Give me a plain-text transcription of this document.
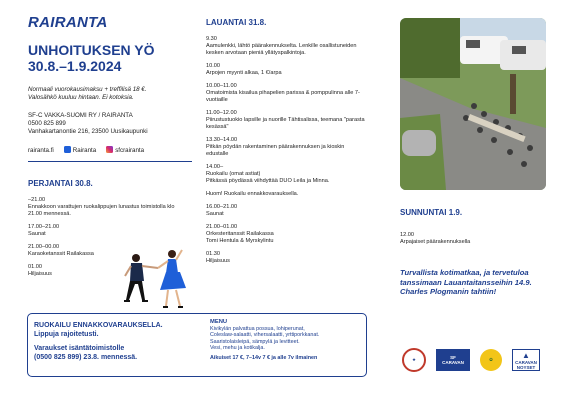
RAIRANTA
UNHOITUKSEN YÖ
30.8.–1.9.2024
Normaali vuorokausimaksu + treffilisä 18 €.
Valosähkö kuuluu hintaan. Ei kotoksia.
SF-C VAKKA-SUOMI RY / RAIRANTA
0500 825 899
Vanhakartanontie 216, 23500 Uusikaupunki
rairanta.fi	Rairanta	sfcrairanta
PERJANTAI 30.8.
–21.00
Ennakkoon varattujen ruokalippujen lunastus toimistolla klo 21.00 mennessä.
17.00–21.00
Saunat
21.00–00.00
Karaoketanssit Railakassa
01.00
Hiljaisuus
RUOKAILU ENNAKKOVARAUKSELLA.
Lippuja rajoitetusti.
Varaukset isäntätoimistolle
(0500 825 899) 23.8. mennessä.
MENU
Kivikylän palvattua possua, lohiperunat,
Coleslaw-salaatti, vihersalaatti, yrttiporkkanat.
Saaristolaisleipä, sämpylä ja levitteet.
Vesi, mehu ja kotikalja.
Aikuiset 17 €, 7–14v 7 € ja alle 7v ilmainen
LAUANTAI 31.8.
9.30
Aamulenkki, lähtö päärakennukselta. Lenkille osallistuneiden kesken arvotaan pieniä yllätyspalkintoja.
10.00
Arpojen myynti alkaa, 1 €/arpa
10.00–11.00
Omatoimista kisailua pihapelien parissa & pomppulinna alle 7-vuotiaille
11.00–12.00
Piirustustuokio lapsille ja nuorille Tähtisalissa, teemana "parasta kesässä"
13.30–14.00
Pitkän pöydän rakentaminen päärakennuksen ja kioskin edustalle
14.00–
Ruokailu (omat astiat)
Pitkässä pöydässä viihdyttää DUO Leila ja Minna.
Huom! Ruokailu ennakkovarauksella.
16.00–21.00
Saunat
21.00–01.00
Orkesteritanssit Railakassa
Tomi Hentula & Myrskylintu
01.30
Hiljaisuus
SUNNUNTAI 1.9.
12.00
Arpajaiset päärakennuksella
Turvallista kotimatkaa, ja tervetuloa tanssimaan Lauantaitansseihin 14.9. Charles Plogmanin tahtiin!
★	SF
CARAVAN
✿	▲
CARAVAN
NOYSET
